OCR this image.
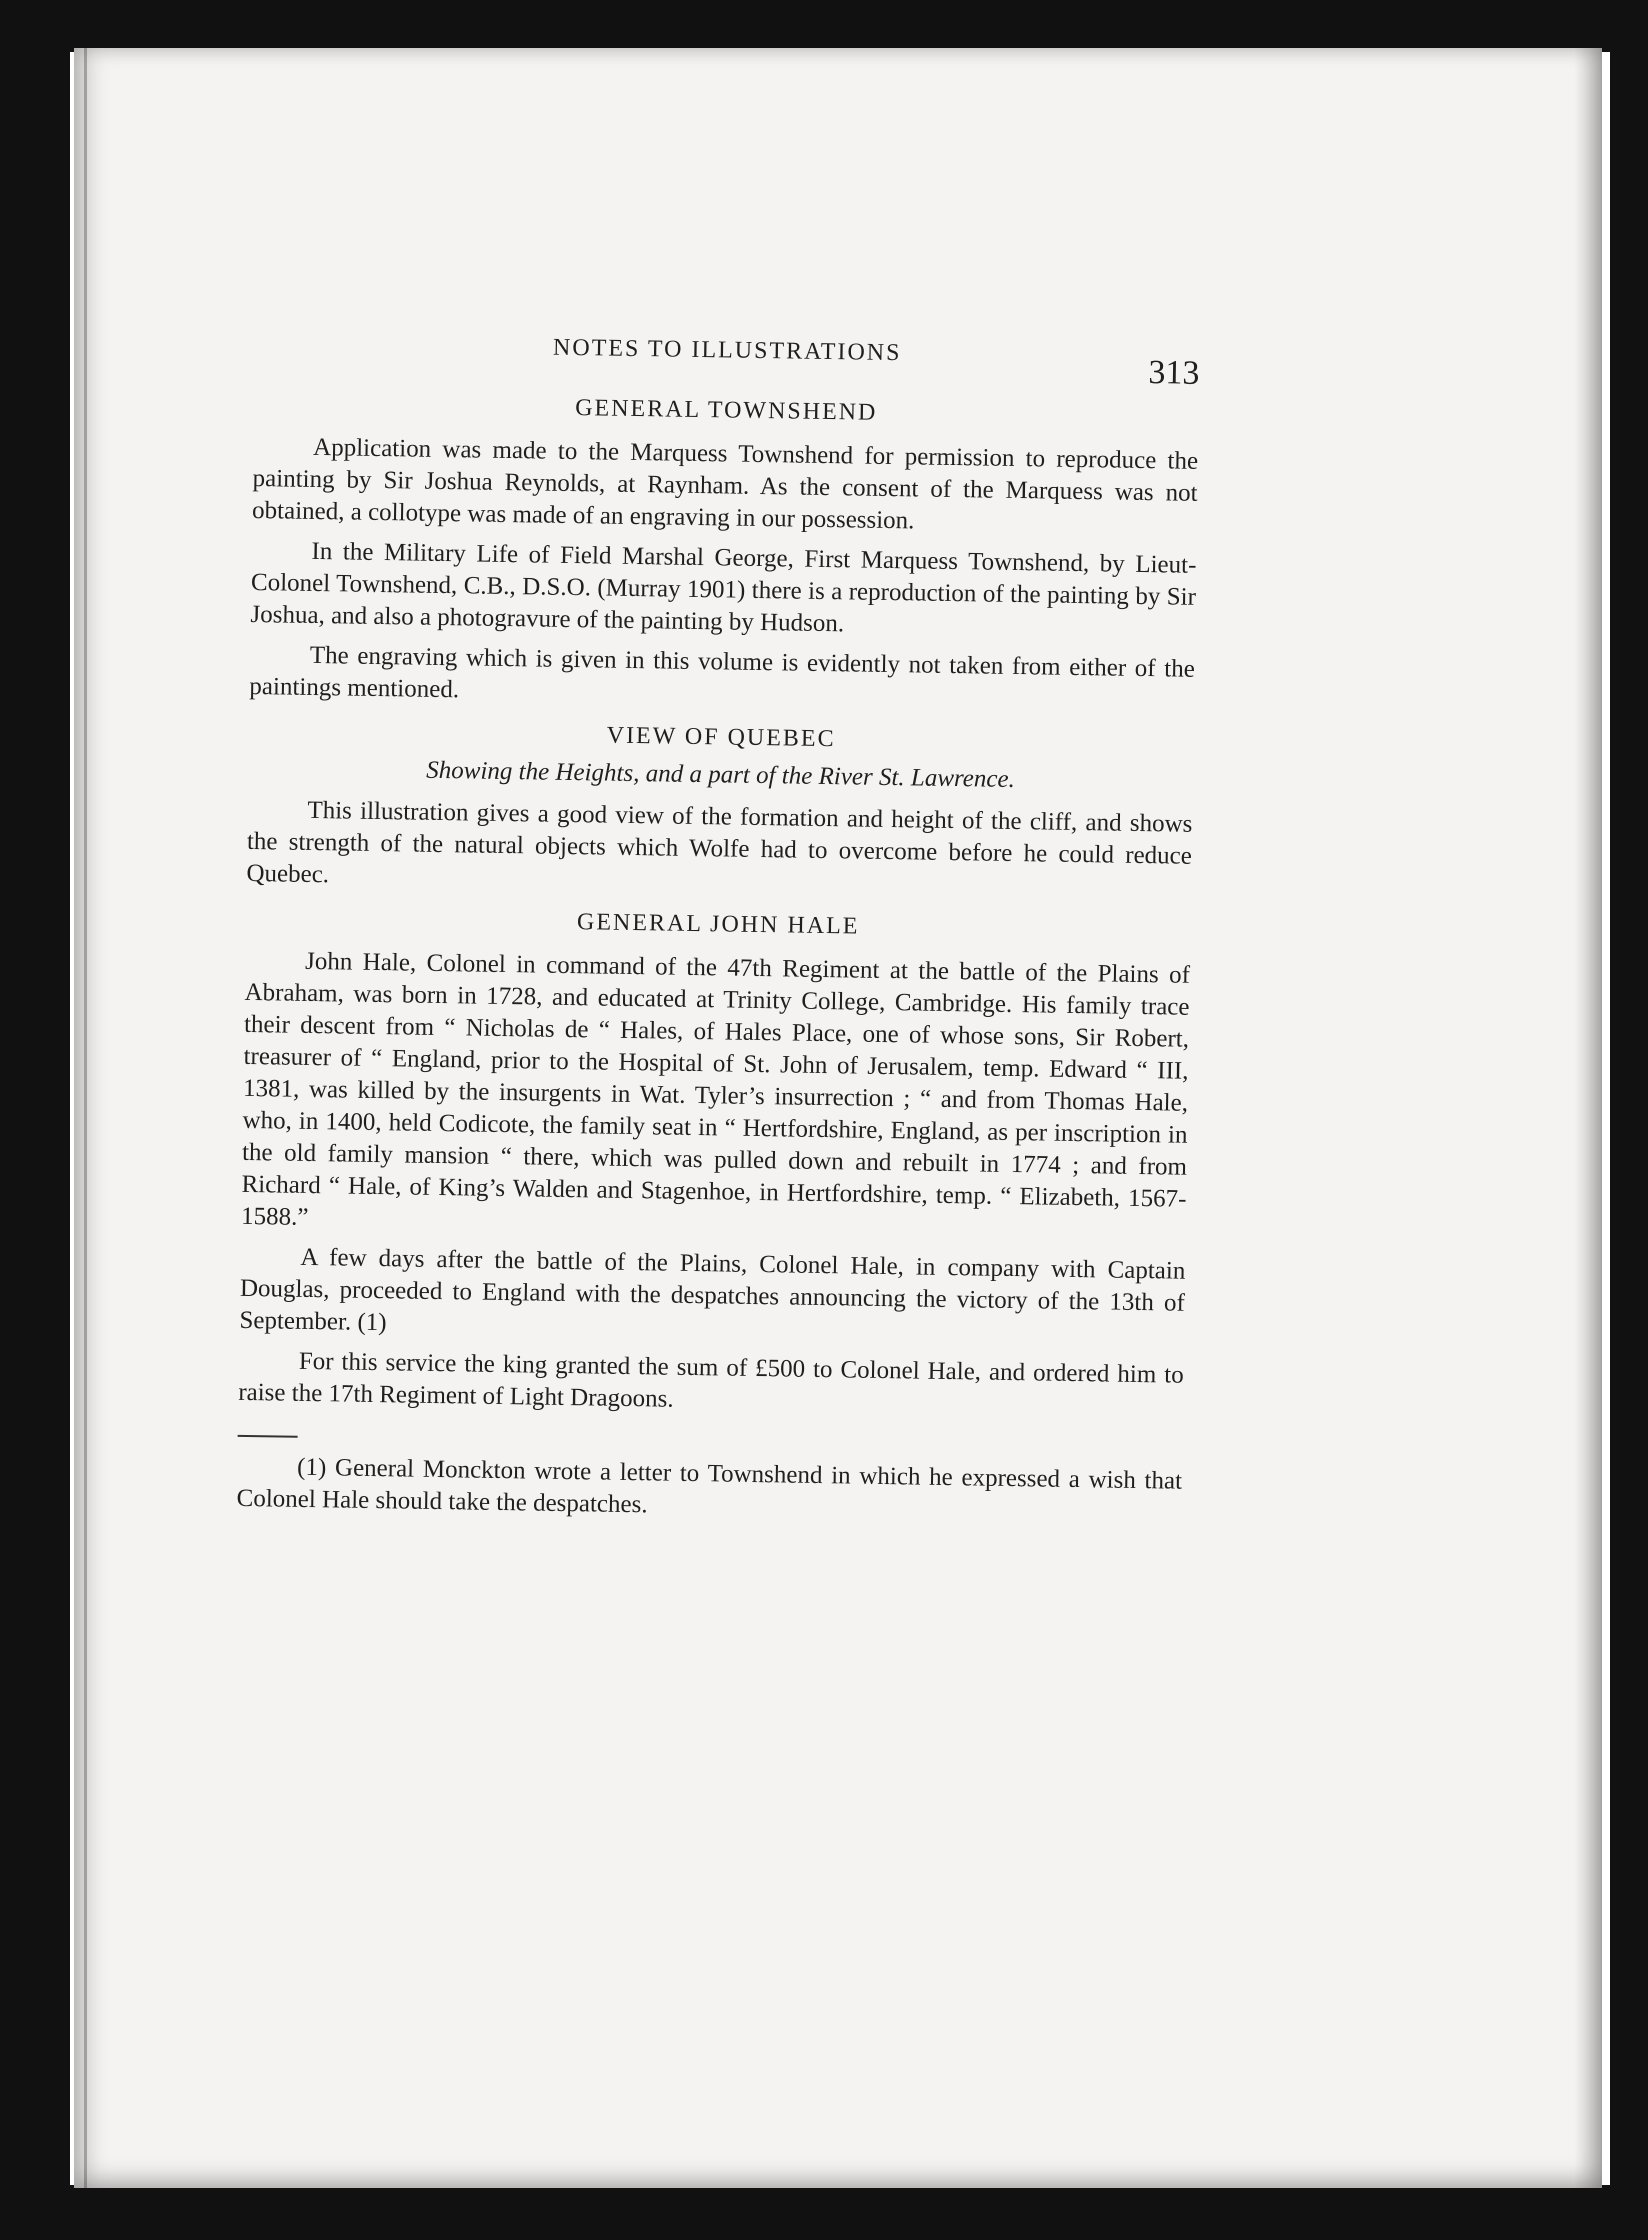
NOTES TO ILLUSTRATIONS
313
GENERAL TOWNSHEND

Application was made to the Marquess Townshend for permission to reproduce the painting by Sir Joshua Reynolds, at Raynham. As the consent of the Marquess was not obtained, a collotype was made of an engraving in our possession.

In the Military Life of Field Marshal George, First Marquess Townshend, by Lieut-Colonel Townshend, C.B., D.S.O. (Murray 1901) there is a reproduction of the painting by Sir Joshua, and also a photogravure of the painting by Hudson.

The engraving which is given in this volume is evidently not taken from either of the paintings mentioned.

VIEW OF QUEBEC
Showing the Heights, and a part of the River St. Lawrence.

This illustration gives a good view of the formation and height of the cliff, and shows the strength of the natural objects which Wolfe had to overcome before he could reduce Quebec.

GENERAL JOHN HALE

John Hale, Colonel in command of the 47th Regiment at the battle of the Plains of Abraham, was born in 1728, and educated at Trinity College, Cambridge. His family trace their descent from “ Nicholas de “ Hales, of Hales Place, one of whose sons, Sir Robert, treasurer of “ England, prior to the Hospital of St. John of Jerusalem, temp. Edward “ III, 1381, was killed by the insurgents in Wat. Tyler’s insurrection ; “ and from Thomas Hale, who, in 1400, held Codicote, the family seat in “ Hertfordshire, England, as per inscription in the old family mansion “ there, which was pulled down and rebuilt in 1774 ; and from Richard “ Hale, of King’s Walden and Stagenhoe, in Hertfordshire, temp. “ Elizabeth, 1567-1588.”

A few days after the battle of the Plains, Colonel Hale, in company with Captain Douglas, proceeded to England with the despatches announcing the victory of the 13th of September. (1)

For this service the king granted the sum of £500 to Colonel Hale, and ordered him to raise the 17th Regiment of Light Dragoons.

(1) General Monckton wrote a letter to Townshend in which he expressed a wish that Colonel Hale should take the despatches.
